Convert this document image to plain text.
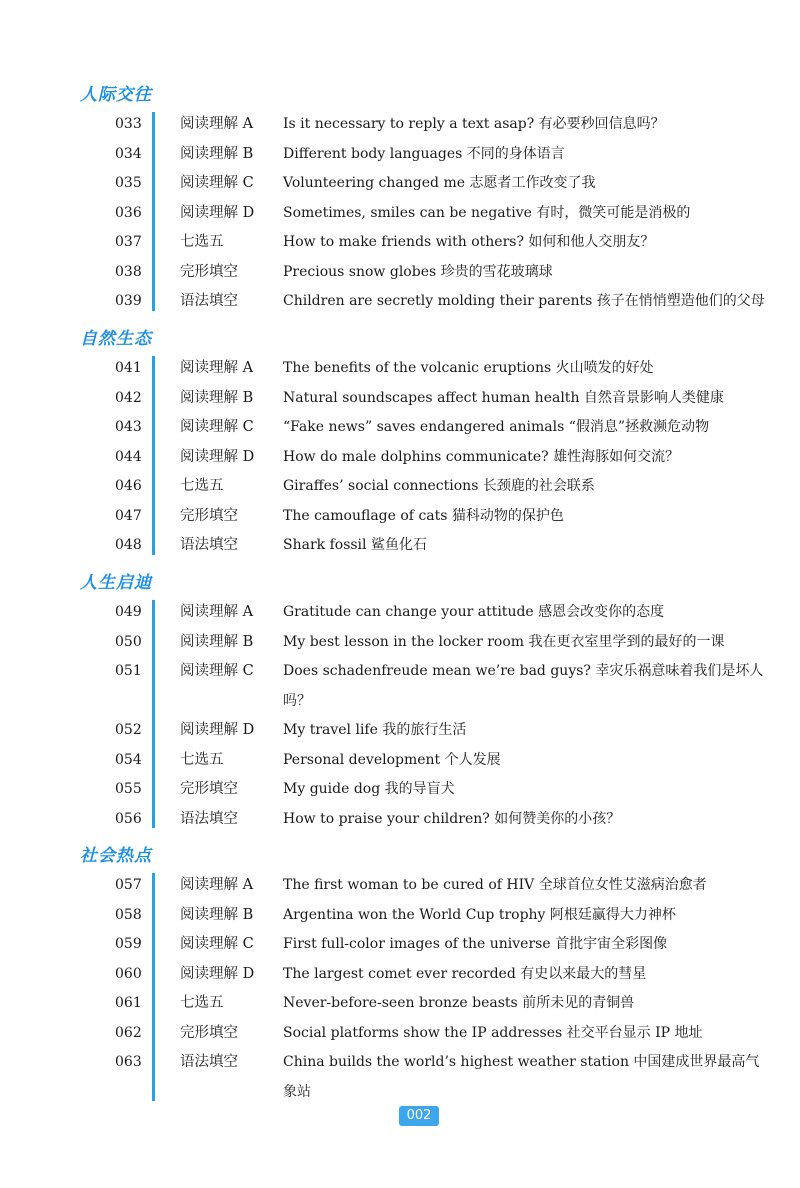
人际交往
033	阅读理解 A	Is it necessary to reply a text asap? 有必要秒回信息吗？
034	阅读理解 B	Different body languages 不同的身体语言
035	阅读理解 C	Volunteering changed me 志愿者工作改变了我
036	阅读理解 D	Sometimes, smiles can be negative 有时，微笑可能是消极的
037	七选五	How to make friends with others? 如何和他人交朋友？
038	完形填空	Precious snow globes 珍贵的雪花玻璃球
039	语法填空	Children are secretly molding their parents 孩子在悄悄塑造他们的父母
自然生态
041	阅读理解 A	The benefits of the volcanic eruptions 火山喷发的好处
042	阅读理解 B	Natural soundscapes affect human health 自然音景影响人类健康
043	阅读理解 C	“Fake news” saves endangered animals “假消息”拯救濒危动物
044	阅读理解 D	How do male dolphins communicate? 雄性海豚如何交流？
046	七选五	Giraffes’ social connections 长颈鹿的社会联系
047	完形填空	The camouflage of cats 猫科动物的保护色
048	语法填空	Shark fossil 鲨鱼化石
人生启迪
049	阅读理解 A	Gratitude can change your attitude 感恩会改变你的态度
050	阅读理解 B	My best lesson in the locker room 我在更衣室里学到的最好的一课
051	阅读理解 C	Does schadenfreude mean we’re bad guys? 幸灾乐祸意味着我们是坏人吗？
052	阅读理解 D	My travel life 我的旅行生活
054	七选五	Personal development 个人发展
055	完形填空	My guide dog 我的导盲犬
056	语法填空	How to praise your children? 如何赞美你的小孩？
社会热点
057	阅读理解 A	The first woman to be cured of HIV 全球首位女性艾滋病治愈者
058	阅读理解 B	Argentina won the World Cup trophy 阿根廷赢得大力神杯
059	阅读理解 C	First full-color images of the universe 首批宇宙全彩图像
060	阅读理解 D	The largest comet ever recorded 有史以来最大的彗星
061	七选五	Never-before-seen bronze beasts 前所未见的青铜兽
062	完形填空	Social platforms show the IP addresses 社交平台显示 IP 地址
063	语法填空	China builds the world’s highest weather station 中国建成世界最高气象站
002
